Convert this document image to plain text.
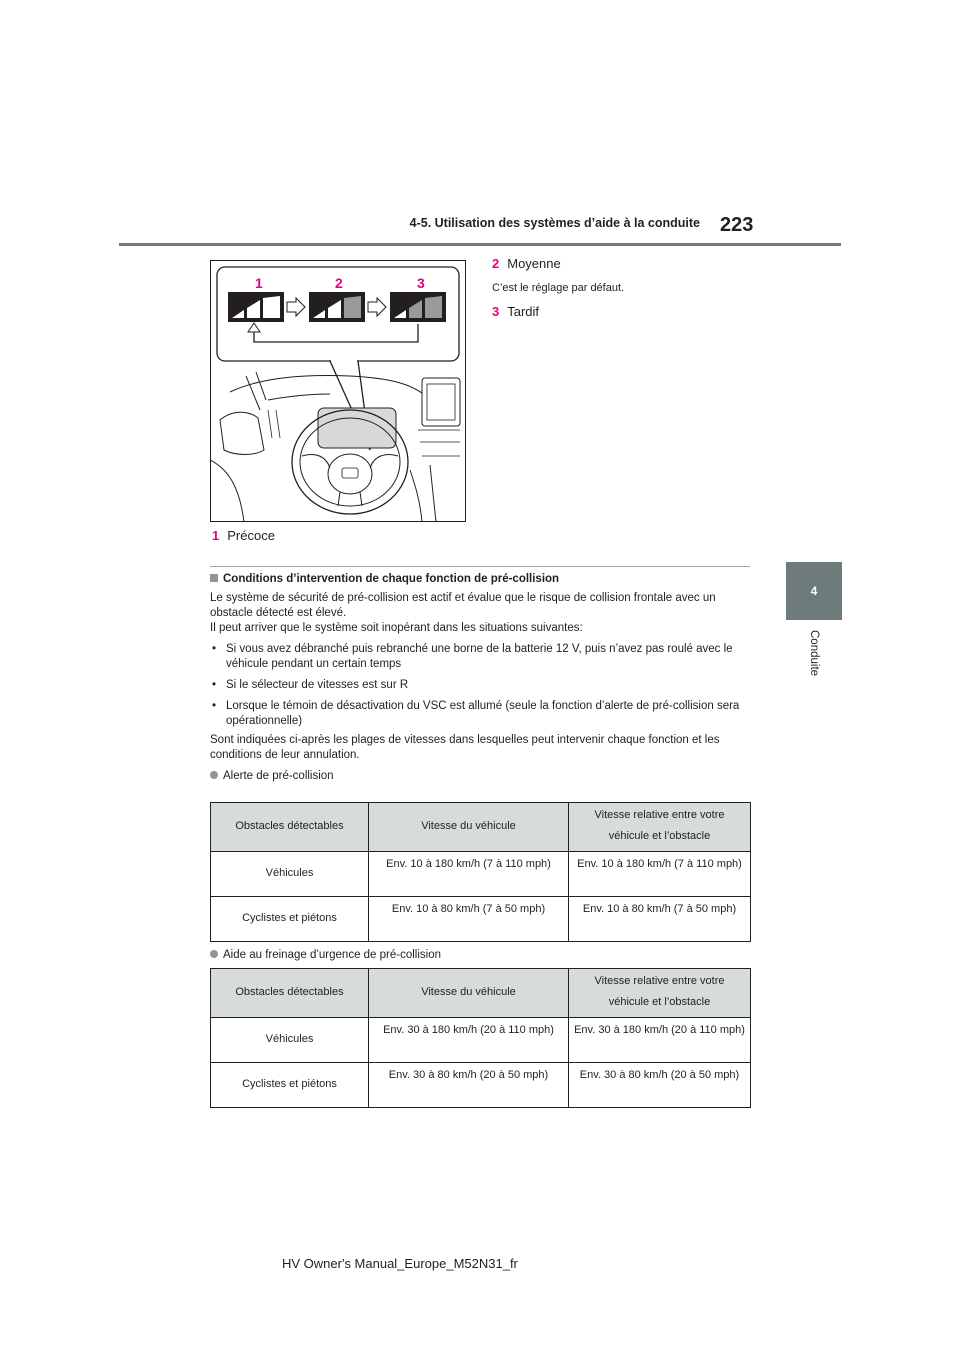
4-5. Utilisation des systèmes d’aide à la conduite 223
4
Conduite
1	2	3
2 Moyenne
C’est le réglage par défaut.
3 Tardif
1 Précoce
Conditions d’intervention de chaque fonction de pré-collision
Le système de sécurité de pré-collision est actif et évalue que le risque de collision frontale avec un obstacle détecté est élevé.
Il peut arriver que le système soit inopérant dans les situations suivantes:
• Si vous avez débranché puis rebranché une borne de la batterie 12 V, puis n’avez pas roulé avec le véhicule pendant un certain temps
• Si le sélecteur de vitesses est sur R
• Lorsque le témoin de désactivation du VSC est allumé (seule la fonction d’alerte de pré-collision sera opérationnelle)
Sont indiquées ci-après les plages de vitesses dans lesquelles peut intervenir chaque fonction et les conditions de leur annulation.
Alerte de pré-collision
Obstacles détectables	Vitesse du véhicule	Vitesse relative entre votre véhicule et l’obstacle
Véhicules	Env. 10 à 180 km/h (7 à 110 mph)	Env. 10 à 180 km/h (7 à 110 mph)
Cyclistes et piétons	Env. 10 à 80 km/h (7 à 50 mph)	Env. 10 à 80 km/h (7 à 50 mph)
Aide au freinage d’urgence de pré-collision
Obstacles détectables	Vitesse du véhicule	Vitesse relative entre votre véhicule et l’obstacle
Véhicules	Env. 30 à 180 km/h (20 à 110 mph)	Env. 30 à 180 km/h (20 à 110 mph)
Cyclistes et piétons	Env. 30 à 80 km/h (20 à 50 mph)	Env. 30 à 80 km/h (20 à 50 mph)
HV Owner's Manual_Europe_M52N31_fr
